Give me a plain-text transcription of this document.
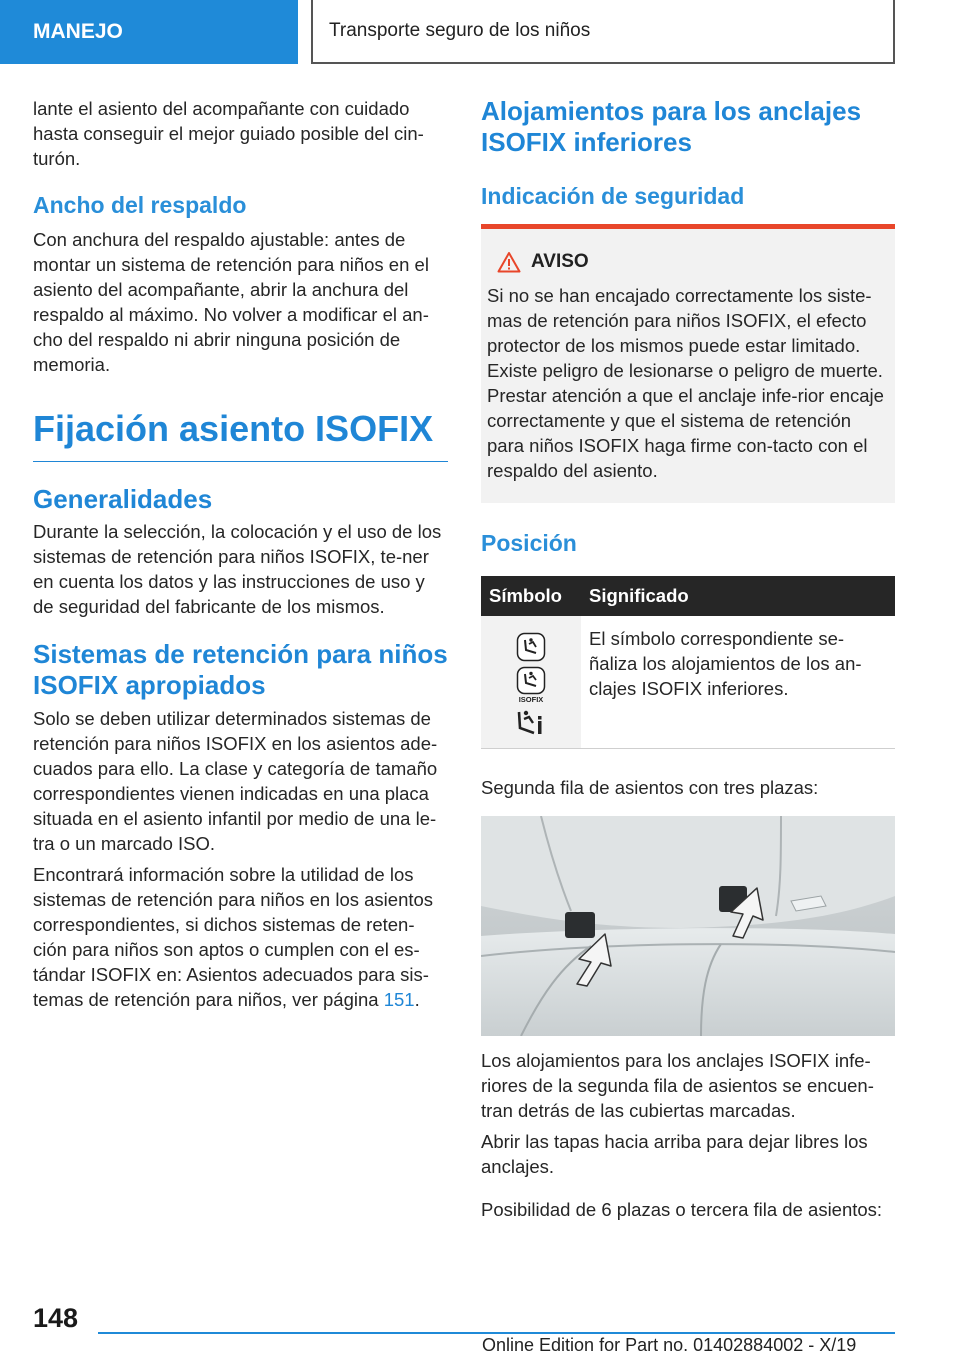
MANEJO	Transporte seguro de los niños

lante el asiento del acompañante con cuidado hasta conseguir el mejor guiado posible del cin-turón.

Ancho del respaldo

Con anchura del respaldo ajustable: antes de montar un sistema de retención para niños en el asiento del acompañante, abrir la anchura del respaldo al máximo. No volver a modificar el an-cho del respaldo ni abrir ninguna posición de memoria.

Fijación asiento ISOFIX
Generalidades

Durante la selección, la colocación y el uso de los sistemas de retención para niños ISOFIX, te-ner en cuenta los datos y las instrucciones de uso y de seguridad del fabricante de los mismos.

Sistemas de retención para niños ISOFIX apropiados

Solo se deben utilizar determinados sistemas de retención para niños ISOFIX en los asientos ade-cuados para ello. La clase y categoría de tamaño correspondientes vienen indicadas en una placa situada en el asiento infantil por medio de una le-tra o un marcado ISO.

Encontrará información sobre la utilidad de los sistemas de retención para niños en los asientos correspondientes, si dichos sistemas de reten-ción para niños son aptos o cumplen con el es-tándar ISOFIX en: Asientos adecuados para sis-temas de retención para niños, ver página 151.

Alojamientos para los anclajes ISOFIX inferiores
Indicación de seguridad
AVISO

Si no se han encajado correctamente los siste-mas de retención para niños ISOFIX, el efecto protector de los mismos puede estar limitado. Existe peligro de lesionarse o peligro de muerte. Prestar atención a que el anclaje infe-rior encaje correctamente y que el sistema de retención para niños ISOFIX haga firme con-tacto con el respaldo del asiento.

Posición
Símbolo	Significado

ISOFIX	El símbolo correspondiente se-ñaliza los alojamientos de los an-clajes ISOFIX inferiores.

Segunda fila de asientos con tres plazas:

Los alojamientos para los anclajes ISOFIX infe-riores de la segunda fila de asientos se encuen-tran detrás de las cubiertas marcadas.

Abrir las tapas hacia arriba para dejar libres los anclajes.

Posibilidad de 6 plazas o tercera fila de asientos:

148
Online Edition for Part no. 01402884002 - X/19
